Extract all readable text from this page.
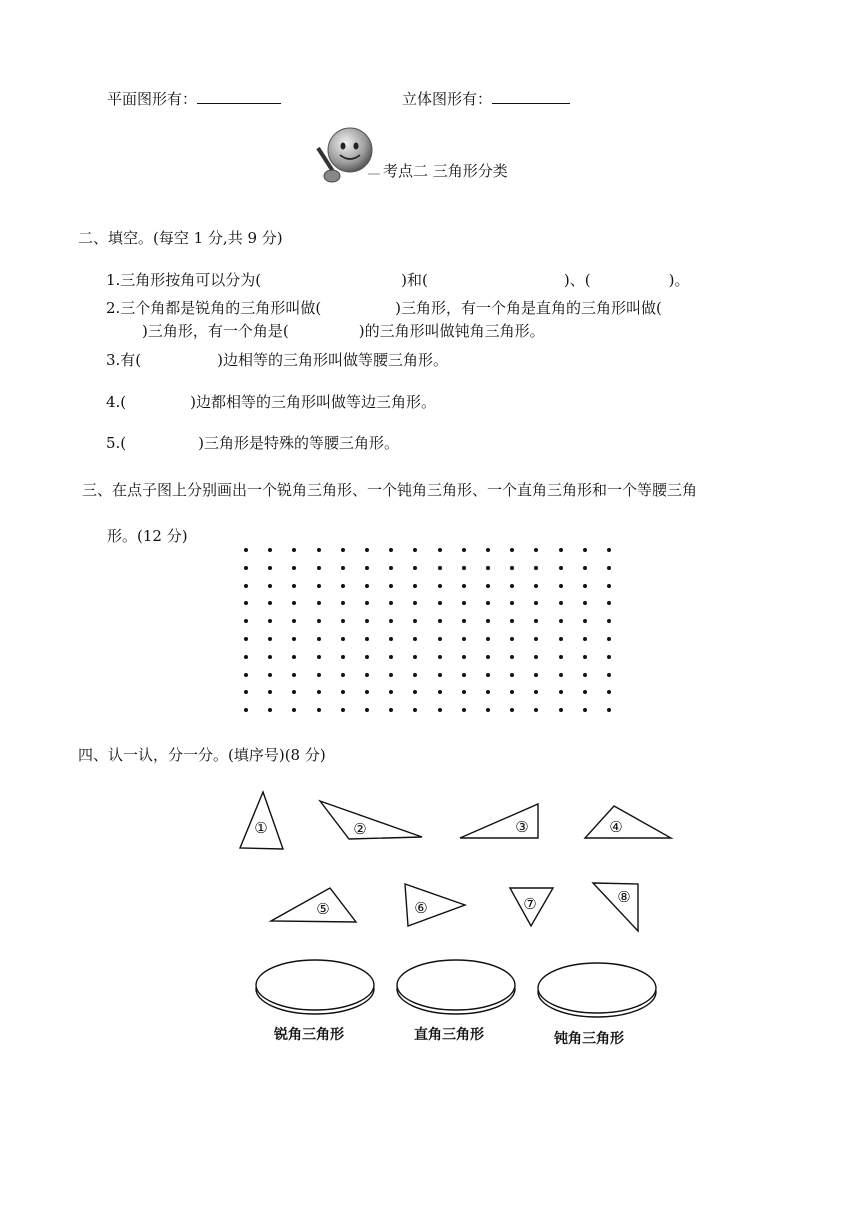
平面图形有：	立体图形有：
考点二 三角形分类
二、填空。(每空 1 分,共 9 分)
1.三角形按角可以分为(	)和(	)、(	)。
2.三个角都是锐角的三角形叫做(	)三角形，有一个角是直角的三角形叫做(
)三角形，有一个角是(	)的三角形叫做钝角三角形。
3.有(	)边相等的三角形叫做等腰三角形。
4.(	)边都相等的三角形叫做等边三角形。
5.(	)三角形是特殊的等腰三角形。
三、在点子图上分别画出一个锐角三角形、一个钝角三角形、一个直角三角形和一个等腰三角
形。(12 分)
四、认一认，分一分。(填序号)(8 分)
①	②	③	④
⑤	⑥	⑦	⑧
锐角三角形	直角三角形	钝角三角形
